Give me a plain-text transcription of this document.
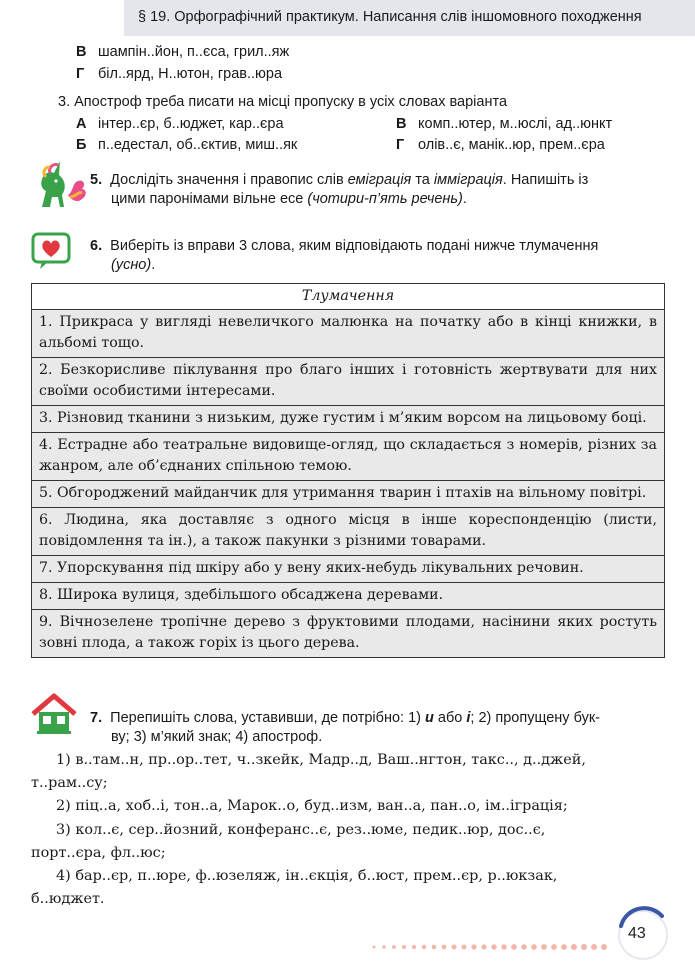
§ 19. Орфографічний практикум. Написання слів іншомовного походження
В шампін..йон, п..єса, грил..яж
Г біл..ярд, Н..ютон, грав..юра
3. Апостроф треба писати на місці пропуску в усіх словах варіанта
А інтер..єр, б..юджет, кар..єра	В комп..ютер, м..юслі, ад..юнкт
Б п..едестал, об..єктив, миш..як	Г олів..є, манік..юр, прем..єра
5. Дослідіть значення і правопис слів еміграція та імміграція. Напишіть із
цими паронімами вільне есе (чотири-п’ять речень).
6. Виберіть із вправи 3 слова, яким відповідають подані нижче тлумачення
(усно).
Тлумачення
1. Прикраса у вигляді невеличкого малюнка на початку або в кінці книжки, в альбомі тощо.
2. Безкорисливе піклування про благо інших і готовність жертвувати для них своїми особистими інтересами.
3. Різновид тканини з низьким, дуже густим і м’яким ворсом на лицьовому боці.
4. Естрадне або театральне видовище-огляд, що складається з номерів, різних за жанром, але об’єднаних спільною темою.
5. Обгороджений майданчик для утримання тварин і птахів на вільному повітрі.
6. Людина, яка доставляє з одного місця в інше кореспонденцію (листи, повідомлення та ін.), а також пакунки з різними товарами.
7. Упорскування під шкіру або у вену яких-небудь лікувальних речовин.
8. Широка вулиця, здебільшого обсаджена деревами.
9. Вічнозелене тропічне дерево з фруктовими плодами, насінини яких ростуть зовні плода, а також горіх із цього дерева.
7. Перепишіть слова, уставивши, де потрібно: 1) и або і; 2) пропущену бук-
ву; 3) м’який знак; 4) апостроф.
1) в..там..н, пр..ор..тет, ч..зкейк, Мадр..д, Ваш..нгтон, такс.., д..джей,
т..рам..су;
2) піц..а, хоб..і, тон..а, Марок..о, буд..изм, ван..а, пан..о, ім..іграція;
3) кол..є, сер..йозний, конферанс..є, рез..юме, педик..юр, дос..є,
порт..єра, фл..юс;
4) бар..єр, п..юре, ф..юзеляж, ін..єкція, б..юст, прем..єр, р..юкзак,
б..юджет.
43
